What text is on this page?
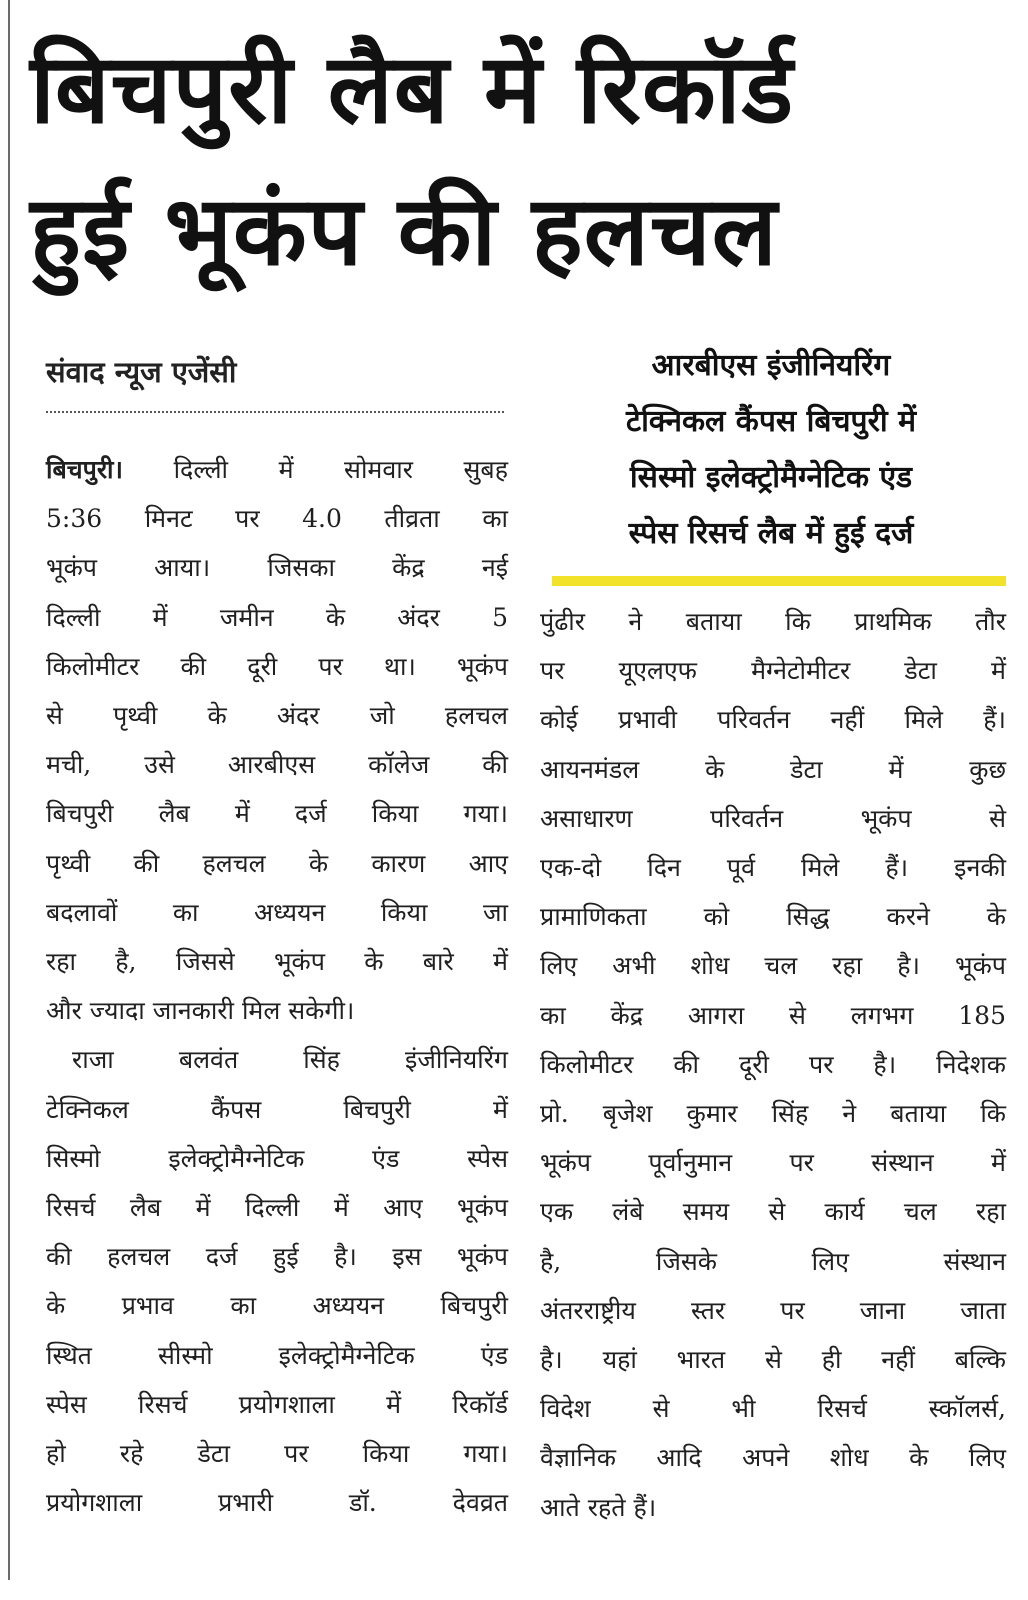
बिचपुरी लैब में रिकॉर्ड
हुई भूकंप की हलचल
संवाद न्यूज एजेंसी	आरबीएस इंजीनियरिंग
टेक्निकल कैंपस बिचपुरी में
सिस्मो इलेक्ट्रोमैग्नेटिक एंड
स्पेस रिसर्च लैब में हुई दर्ज
बिचपुरी। दिल्ली में सोमवार सुबह
5:36 मिनट पर 4.0 तीव्रता का
भूकंप आया। जिसका केंद्र नई
दिल्ली में जमीन के अंदर 5
किलोमीटर की दूरी पर था। भूकंप
से पृथ्वी के अंदर जो हलचल
मची, उसे आरबीएस कॉलेज की
बिचपुरी लैब में दर्ज किया गया।
पृथ्वी की हलचल के कारण आए
बदलावों का अध्ययन किया जा
रहा है, जिससे भूकंप के बारे में
और ज्यादा जानकारी मिल सकेगी।
राजा बलवंत सिंह इंजीनियरिंग
टेक्निकल कैंपस बिचपुरी में
सिस्मो इलेक्ट्रोमैग्नेटिक एंड स्पेस
रिसर्च लैब में दिल्ली में आए भूकंप
की हलचल दर्ज हुई है। इस भूकंप
के प्रभाव का अध्ययन बिचपुरी
स्थित सीस्मो इलेक्ट्रोमैग्नेटिक एंड
स्पेस रिसर्च प्रयोगशाला में रिकॉर्ड
हो रहे डेटा पर किया गया।
प्रयोगशाला प्रभारी डॉ. देवव्रत
पुंढीर ने बताया कि प्राथमिक तौर
पर यूएलएफ मैग्नेटोमीटर डेटा में
कोई प्रभावी परिवर्तन नहीं मिले हैं।
आयनमंडल के डेटा में कुछ
असाधारण परिवर्तन भूकंप से
एक-दो दिन पूर्व मिले हैं। इनकी
प्रामाणिकता को सिद्ध करने के
लिए अभी शोध चल रहा है। भूकंप
का केंद्र आगरा से लगभग 185
किलोमीटर की दूरी पर है। निदेशक
प्रो. बृजेश कुमार सिंह ने बताया कि
भूकंप पूर्वानुमान पर संस्थान में
एक लंबे समय से कार्य चल रहा
है, जिसके लिए संस्थान
अंतरराष्ट्रीय स्तर पर जाना जाता
है। यहां भारत से ही नहीं बल्कि
विदेश से भी रिसर्च स्कॉलर्स,
वैज्ञानिक आदि अपने शोध के लिए
आते रहते हैं।
